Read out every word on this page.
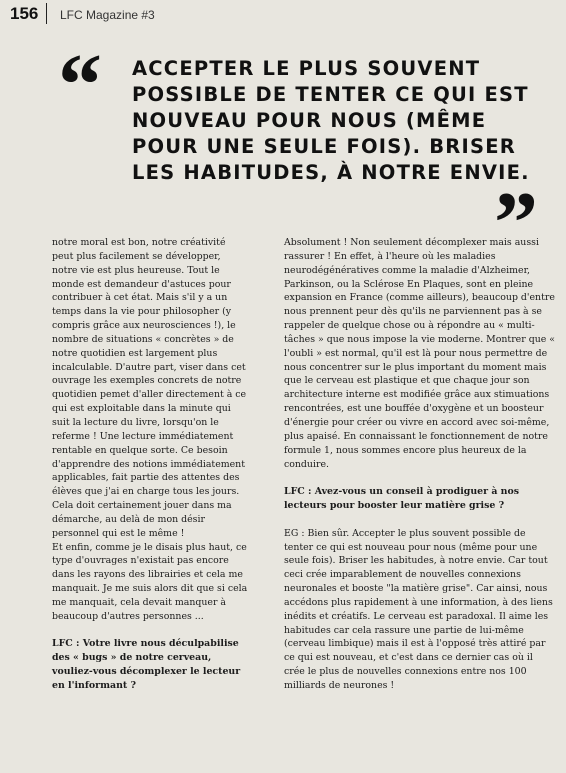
156 LFC Magazine #3
“ ACCEPTER LE PLUS SOUVENT POSSIBLE DE TENTER CE QUI EST NOUVEAU POUR NOUS (MÊME POUR UNE SEULE FOIS). BRISER LES HABITUDES, À NOTRE ENVIE.
”

notre moral est bon, notre créativité peut plus facilement se développer, notre vie est plus heureuse. Tout le monde est demandeur d'astuces pour contribuer à cet état. Mais s'il y a un temps dans la vie pour philosopher (y compris grâce aux neurosciences !), le nombre de situations « concrètes » de notre quotidien est largement plus incalculable. D'autre part, viser dans cet ouvrage les exemples concrets de notre quotidien pemet d'aller directement à ce qui est exploitable dans la minute qui suit la lecture du livre, lorsqu'on le referme ! Une lecture immédiatement rentable en quelque sorte. Ce besoin d'apprendre des notions immédiatement applicables, fait partie des attentes des élèves que j'ai en charge tous les jours. Cela doit certainement jouer dans ma démarche, au delà de mon désir personnel qui est le même !

Et enfin, comme je le disais plus haut, ce type d'ouvrages n'existait pas encore dans les rayons des librairies et cela me manquait. Je me suis alors dit que si cela me manquait, cela devait manquer à beaucoup d'autres personnes ...

LFC : Votre livre nous déculpabilise des « bugs » de notre cerveau, vouliez-vous décomplexer le lecteur en l'informant ?

Absolument ! Non seulement décomplexer mais aussi rassurer ! En effet, à l'heure où les maladies neurodégénératives comme la maladie d'Alzheimer, Parkinson, ou la Sclérose En Plaques, sont en pleine expansion en France (comme ailleurs), beaucoup d'entre nous prennent peur dès qu'ils ne parviennent pas à se rappeler de quelque chose ou à répondre au « multi-tâches » que nous impose la vie moderne. Montrer que « l'oubli » est normal, qu'il est là pour nous permettre de nous concentrer sur le plus important du moment mais que le cerveau est plastique et que chaque jour son architecture interne est modifiée grâce aux stimuations rencontrées, est une bouffée d'oxygène et un boosteur d'énergie pour créer ou vivre en accord avec soi-même, plus apaisé. En connaissant le fonctionnement de notre formule 1, nous sommes encore plus heureux de la conduire.

LFC : Avez-vous un conseil à prodiguer à nos lecteurs pour booster leur matière grise ?

EG : Bien sûr. Accepter le plus souvent possible de tenter ce qui est nouveau pour nous (même pour une seule fois). Briser les habitudes, à notre envie. Car tout ceci crée imparablement de nouvelles connexions neuronales et booste "la matière grise". Car ainsi, nous accédons plus rapidement à une information, à des liens inédits et créatifs. Le cerveau est paradoxal. Il aime les habitudes car cela rassure une partie de lui-même (cerveau limbique) mais il est à l'opposé très attiré par ce qui est nouveau, et c'est dans ce dernier cas où il crée le plus de nouvelles connexions entre nos 100 milliards de neurones !
